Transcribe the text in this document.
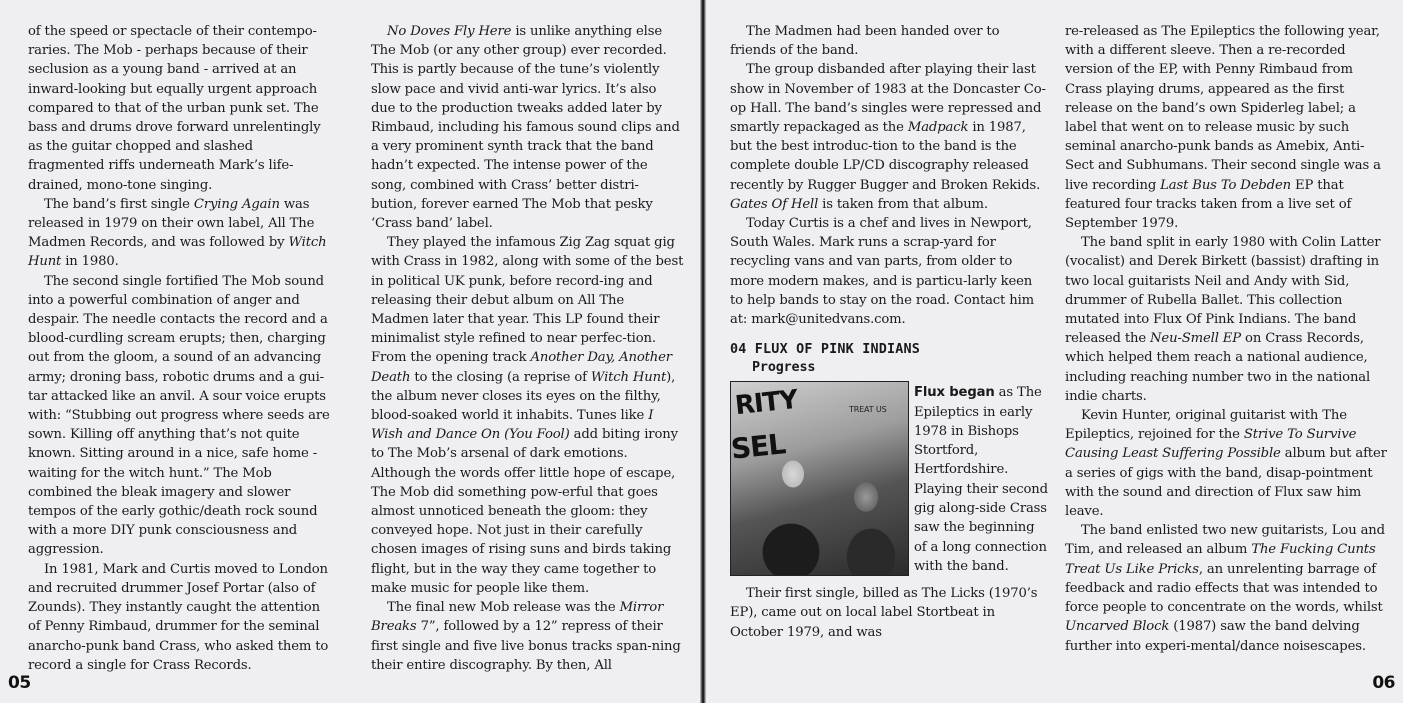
of the speed or spectacle of their contempo-raries. The Mob - perhaps because of their seclusion as a young band - arrived at an inward-looking but equally urgent approach compared to that of the urban punk set. The bass and drums drove forward unrelentingly as the guitar chopped and slashed fragmented riffs underneath Mark’s life-drained, mono-tone singing.

The band’s first single Crying Again was released in 1979 on their own label, All The Madmen Records, and was followed by Witch Hunt in 1980.

The second single fortified The Mob sound into a powerful combination of anger and despair. The needle contacts the record and a blood-curdling scream erupts; then, charging out from the gloom, a sound of an advancing army; droning bass, robotic drums and a gui-tar attacked like an anvil. A sour voice erupts with: “Stubbing out progress where seeds are sown. Killing off anything that’s not quite known. Sitting around in a nice, safe home - waiting for the witch hunt.” The Mob combined the bleak imagery and slower tempos of the early gothic/death rock sound with a more DIY punk consciousness and aggression.

In 1981, Mark and Curtis moved to London and recruited drummer Josef Portar (also of Zounds). They instantly caught the attention of Penny Rimbaud, drummer for the seminal anarcho-punk band Crass, who asked them to record a single for Crass Records.

No Doves Fly Here is unlike anything else The Mob (or any other group) ever recorded. This is partly because of the tune’s violently slow pace and vivid anti-war lyrics. It’s also due to the production tweaks added later by Rimbaud, including his famous sound clips and a very prominent synth track that the band hadn’t expected. The intense power of the song, combined with Crass’ better distri-bution, forever earned The Mob that pesky ‘Crass band’ label.

They played the infamous Zig Zag squat gig with Crass in 1982, along with some of the best in political UK punk, before record-ing and releasing their debut album on All The Madmen later that year. This LP found their minimalist style refined to near perfec-tion. From the opening track Another Day, Another Death to the closing (a reprise of Witch Hunt), the album never closes its eyes on the filthy, blood-soaked world it inhabits. Tunes like I Wish and Dance On (You Fool) add biting irony to The Mob’s arsenal of dark emotions. Although the words offer little hope of escape, The Mob did something pow-erful that goes almost unnoticed beneath the gloom: they conveyed hope. Not just in their carefully chosen images of rising suns and birds taking flight, but in the way they came together to make music for people like them.

The final new Mob release was the Mirror Breaks 7”, followed by a 12” repress of their first single and five live bonus tracks span-ning their entire discography. By then, All

05

The Madmen had been handed over to friends of the band.

The group disbanded after playing their last show in November of 1983 at the Doncaster Co-op Hall. The band’s singles were repressed and smartly repackaged as the Madpack in 1987, but the best introduc-tion to the band is the complete double LP/CD discography released recently by Rugger Bugger and Broken Rekids. Gates Of Hell is taken from that album.

Today Curtis is a chef and lives in Newport, South Wales. Mark runs a scrap-yard for recycling vans and van parts, from older to more modern makes, and is particu-larly keen to help bands to stay on the road. Contact him at: mark@unitedvans.com.

04 FLUX OF PINK INDIANS
Progress
RITY
SEL
TREAT US
Flux began as The Epileptics in early 1978 in Bishops Stortford, Hertfordshire. Playing their second gig along-side Crass saw the beginning of a long connection with the band.

Their first single, billed as The Licks (1970’s EP), came out on local label Stortbeat in October 1979, and was

re-released as The Epileptics the following year, with a different sleeve. Then a re-recorded version of the EP, with Penny Rimbaud from Crass playing drums, appeared as the first release on the band’s own Spiderleg label; a label that went on to release music by such seminal anarcho-punk bands as Amebix, Anti-Sect and Subhumans. Their second single was a live recording Last Bus To Debden EP that featured four tracks taken from a live set of September 1979.

The band split in early 1980 with Colin Latter (vocalist) and Derek Birkett (bassist) drafting in two local guitarists Neil and Andy with Sid, drummer of Rubella Ballet. This collection mutated into Flux Of Pink Indians. The band released the Neu-Smell EP on Crass Records, which helped them reach a national audience, including reaching number two in the national indie charts.

Kevin Hunter, original guitarist with The Epileptics, rejoined for the Strive To Survive Causing Least Suffering Possible album but after a series of gigs with the band, disap-pointment with the sound and direction of Flux saw him leave.

The band enlisted two new guitarists, Lou and Tim, and released an album The Fucking Cunts Treat Us Like Pricks, an unrelenting barrage of feedback and radio effects that was intended to force people to concentrate on the words, whilst Uncarved Block (1987) saw the band delving further into experi-mental/dance noisescapes.

06
